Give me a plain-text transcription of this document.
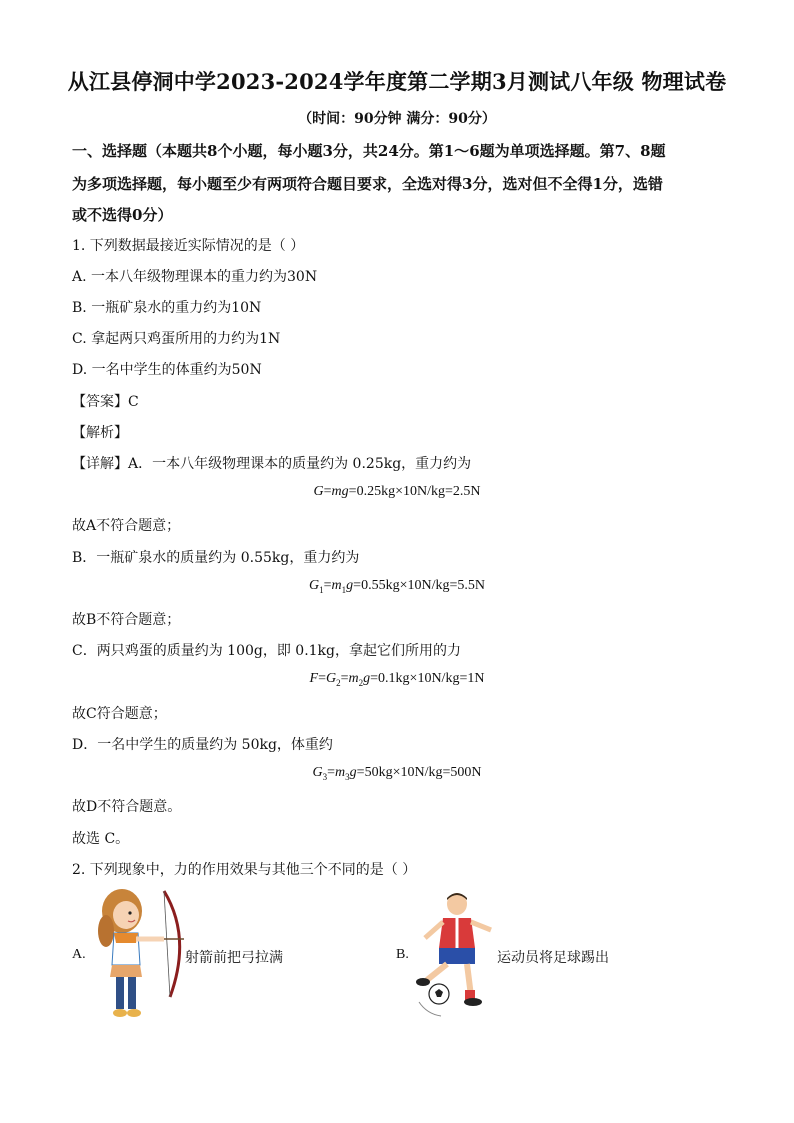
从江县停洞中学2023-2024学年度第二学期3月测试八年级 物理试卷
（时间：90分钟 满分：90分）
一、选择题（本题共8个小题，每小题3分，共24分。第1～6题为单项选择题。第7、8题
为多项选择题，每小题至少有两项符合题目要求，全选对得3分，选对但不全得1分，选错
或不选得0分）
1. 下列数据最接近实际情况的是（ ）
A. 一本八年级物理课本的重力约为30N
B. 一瓶矿泉水的重力约为10N
C. 拿起两只鸡蛋所用的力约为1N
D. 一名中学生的体重约为50N
【答案】C
【解析】
【详解】A．一本八年级物理课本的质量约为 0.25kg，重力约为
G=mg=0.25kg×10N/kg=2.5N
故A不符合题意；
B．一瓶矿泉水的质量约为 0.55kg，重力约为
$G_1=m_1g=0.55kg\times 10N/kg=5.5N$
故B不符合题意；
C．两只鸡蛋的质量约为 100g，即 0.1kg，拿起它们所用的力
$F=G_2=m_2g=0.1kg\times 10N/kg=1N$
故C符合题意；
D．一名中学生的质量约为 50kg，体重约
$G_3=m_3g=50kg\times 10N/kg=500N$
故D不符合题意。
故选 C。
2. 下列现象中，力的作用效果与其他三个不同的是（ ）
A.	射箭前把弓拉满	B.	运动员将足球踢出
